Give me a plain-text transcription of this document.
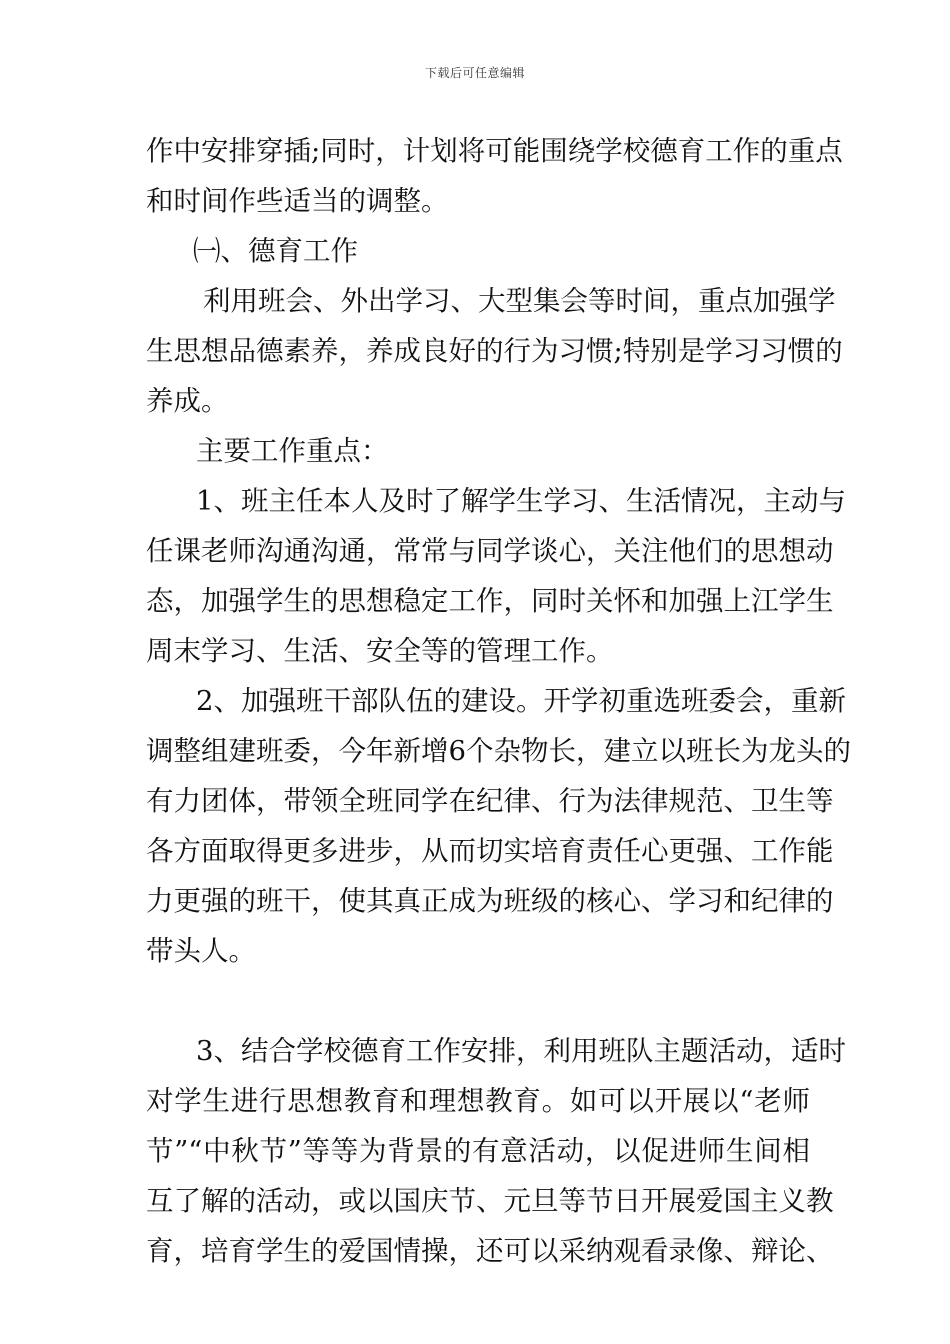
下载后可任意编辑
作中安排穿插;同时，计划将可能围绕学校德育工作的重点
和时间作些适当的调整。
㈠、德育工作
利用班会、外出学习、大型集会等时间，重点加强学
生思想品德素养，养成良好的行为习惯;特别是学习习惯的
养成。
主要工作重点：
1、班主任本人及时了解学生学习、生活情况，主动与
任课老师沟通沟通，常常与同学谈心，关注他们的思想动
态，加强学生的思想稳定工作，同时关怀和加强上江学生
周末学习、生活、安全等的管理工作。
2、加强班干部队伍的建设。开学初重选班委会，重新
调整组建班委，今年新增6个杂物长，建立以班长为龙头的
有力团体，带领全班同学在纪律、行为法律规范、卫生等
各方面取得更多进步，从而切实培育责任心更强、工作能
力更强的班干，使其真正成为班级的核心、学习和纪律的
带头人。
3、结合学校德育工作安排，利用班队主题活动，适时
对学生进行思想教育和理想教育。如可以开展以“老师
节”“中秋节”等等为背景的有意活动，以促进师生间相
互了解的活动，或以国庆节、元旦等节日开展爱国主义教
育，培育学生的爱国情操，还可以采纳观看录像、辩论、
